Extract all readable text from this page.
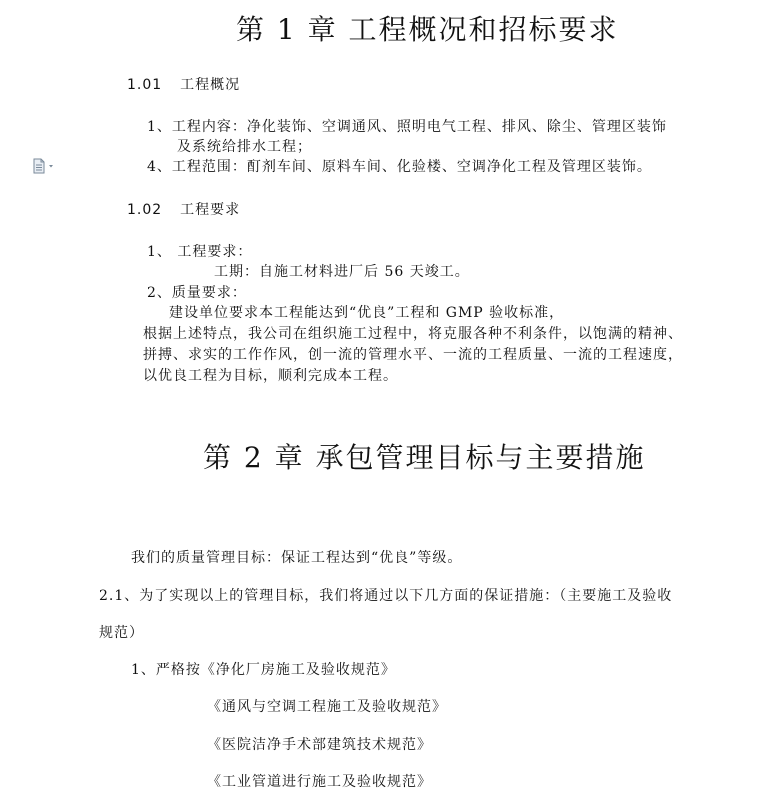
第 1 章 工程概况和招标要求
1.01 工程概况
1、工程内容：净化装饰、空调通风、照明电气工程、排风、除尘、管理区装饰
及系统给排水工程；
4、工程范围：酊剂车间、原料车间、化验楼、空调净化工程及管理区装饰。
1.02 工程要求
1、 工程要求：
工期：自施工材料进厂后 56 天竣工。
2、质量要求：
建设单位要求本工程能达到“优良”工程和 GMP 验收标准，
根据上述特点，我公司在组织施工过程中，将克服各种不利条件，以饱满的精神、
拼搏、求实的工作作风，创一流的管理水平、一流的工程质量、一流的工程速度，
以优良工程为目标，顺利完成本工程。
第 2 章 承包管理目标与主要措施
我们的质量管理目标：保证工程达到“优良”等级。
2.1、为了实现以上的管理目标，我们将通过以下几方面的保证措施：（主要施工及验收
规范）
1、严格按《净化厂房施工及验收规范》
《通风与空调工程施工及验收规范》
《医院洁净手术部建筑技术规范》
《工业管道进行施工及验收规范》
